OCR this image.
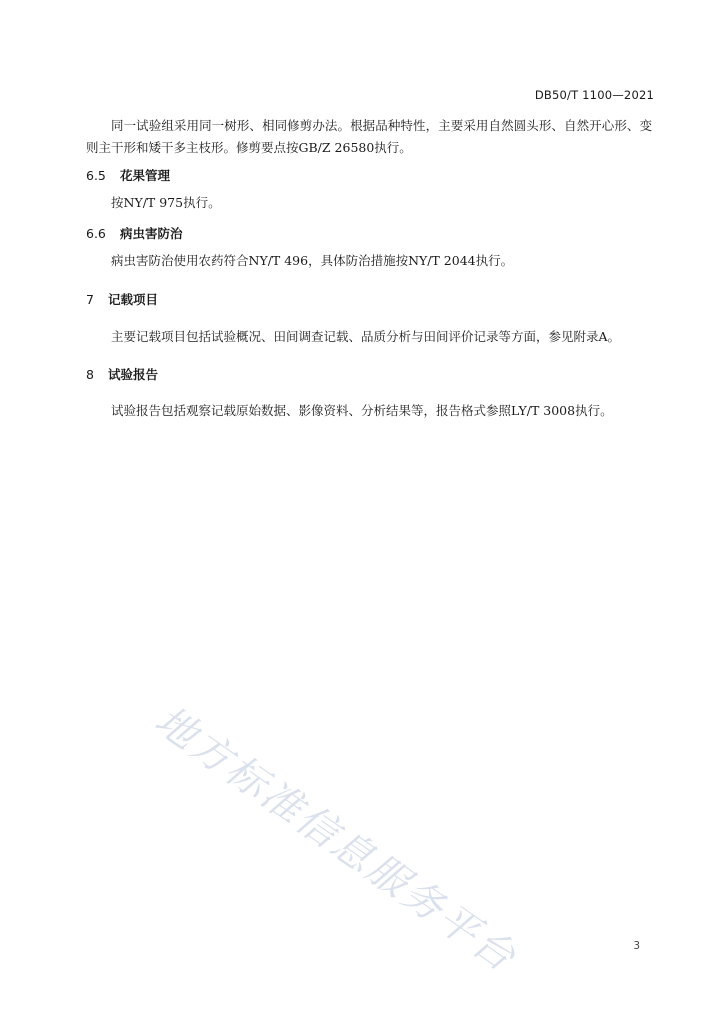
DB50/T 1100—2021
同一试验组采用同一树形、相同修剪办法。根据品种特性，主要采用自然圆头形、自然开心形、变则主干形和矮干多主枝形。修剪要点按GB/Z 26580执行。
6.5 花果管理
按NY/T 975执行。
6.6 病虫害防治
病虫害防治使用农药符合NY/T 496，具体防治措施按NY/T 2044执行。
7 记载项目
主要记载项目包括试验概况、田间调查记载、品质分析与田间评价记录等方面，参见附录A。
8 试验报告
试验报告包括观察记载原始数据、影像资料、分析结果等，报告格式参照LY/T 3008执行。
地方标准信息服务平台	3
